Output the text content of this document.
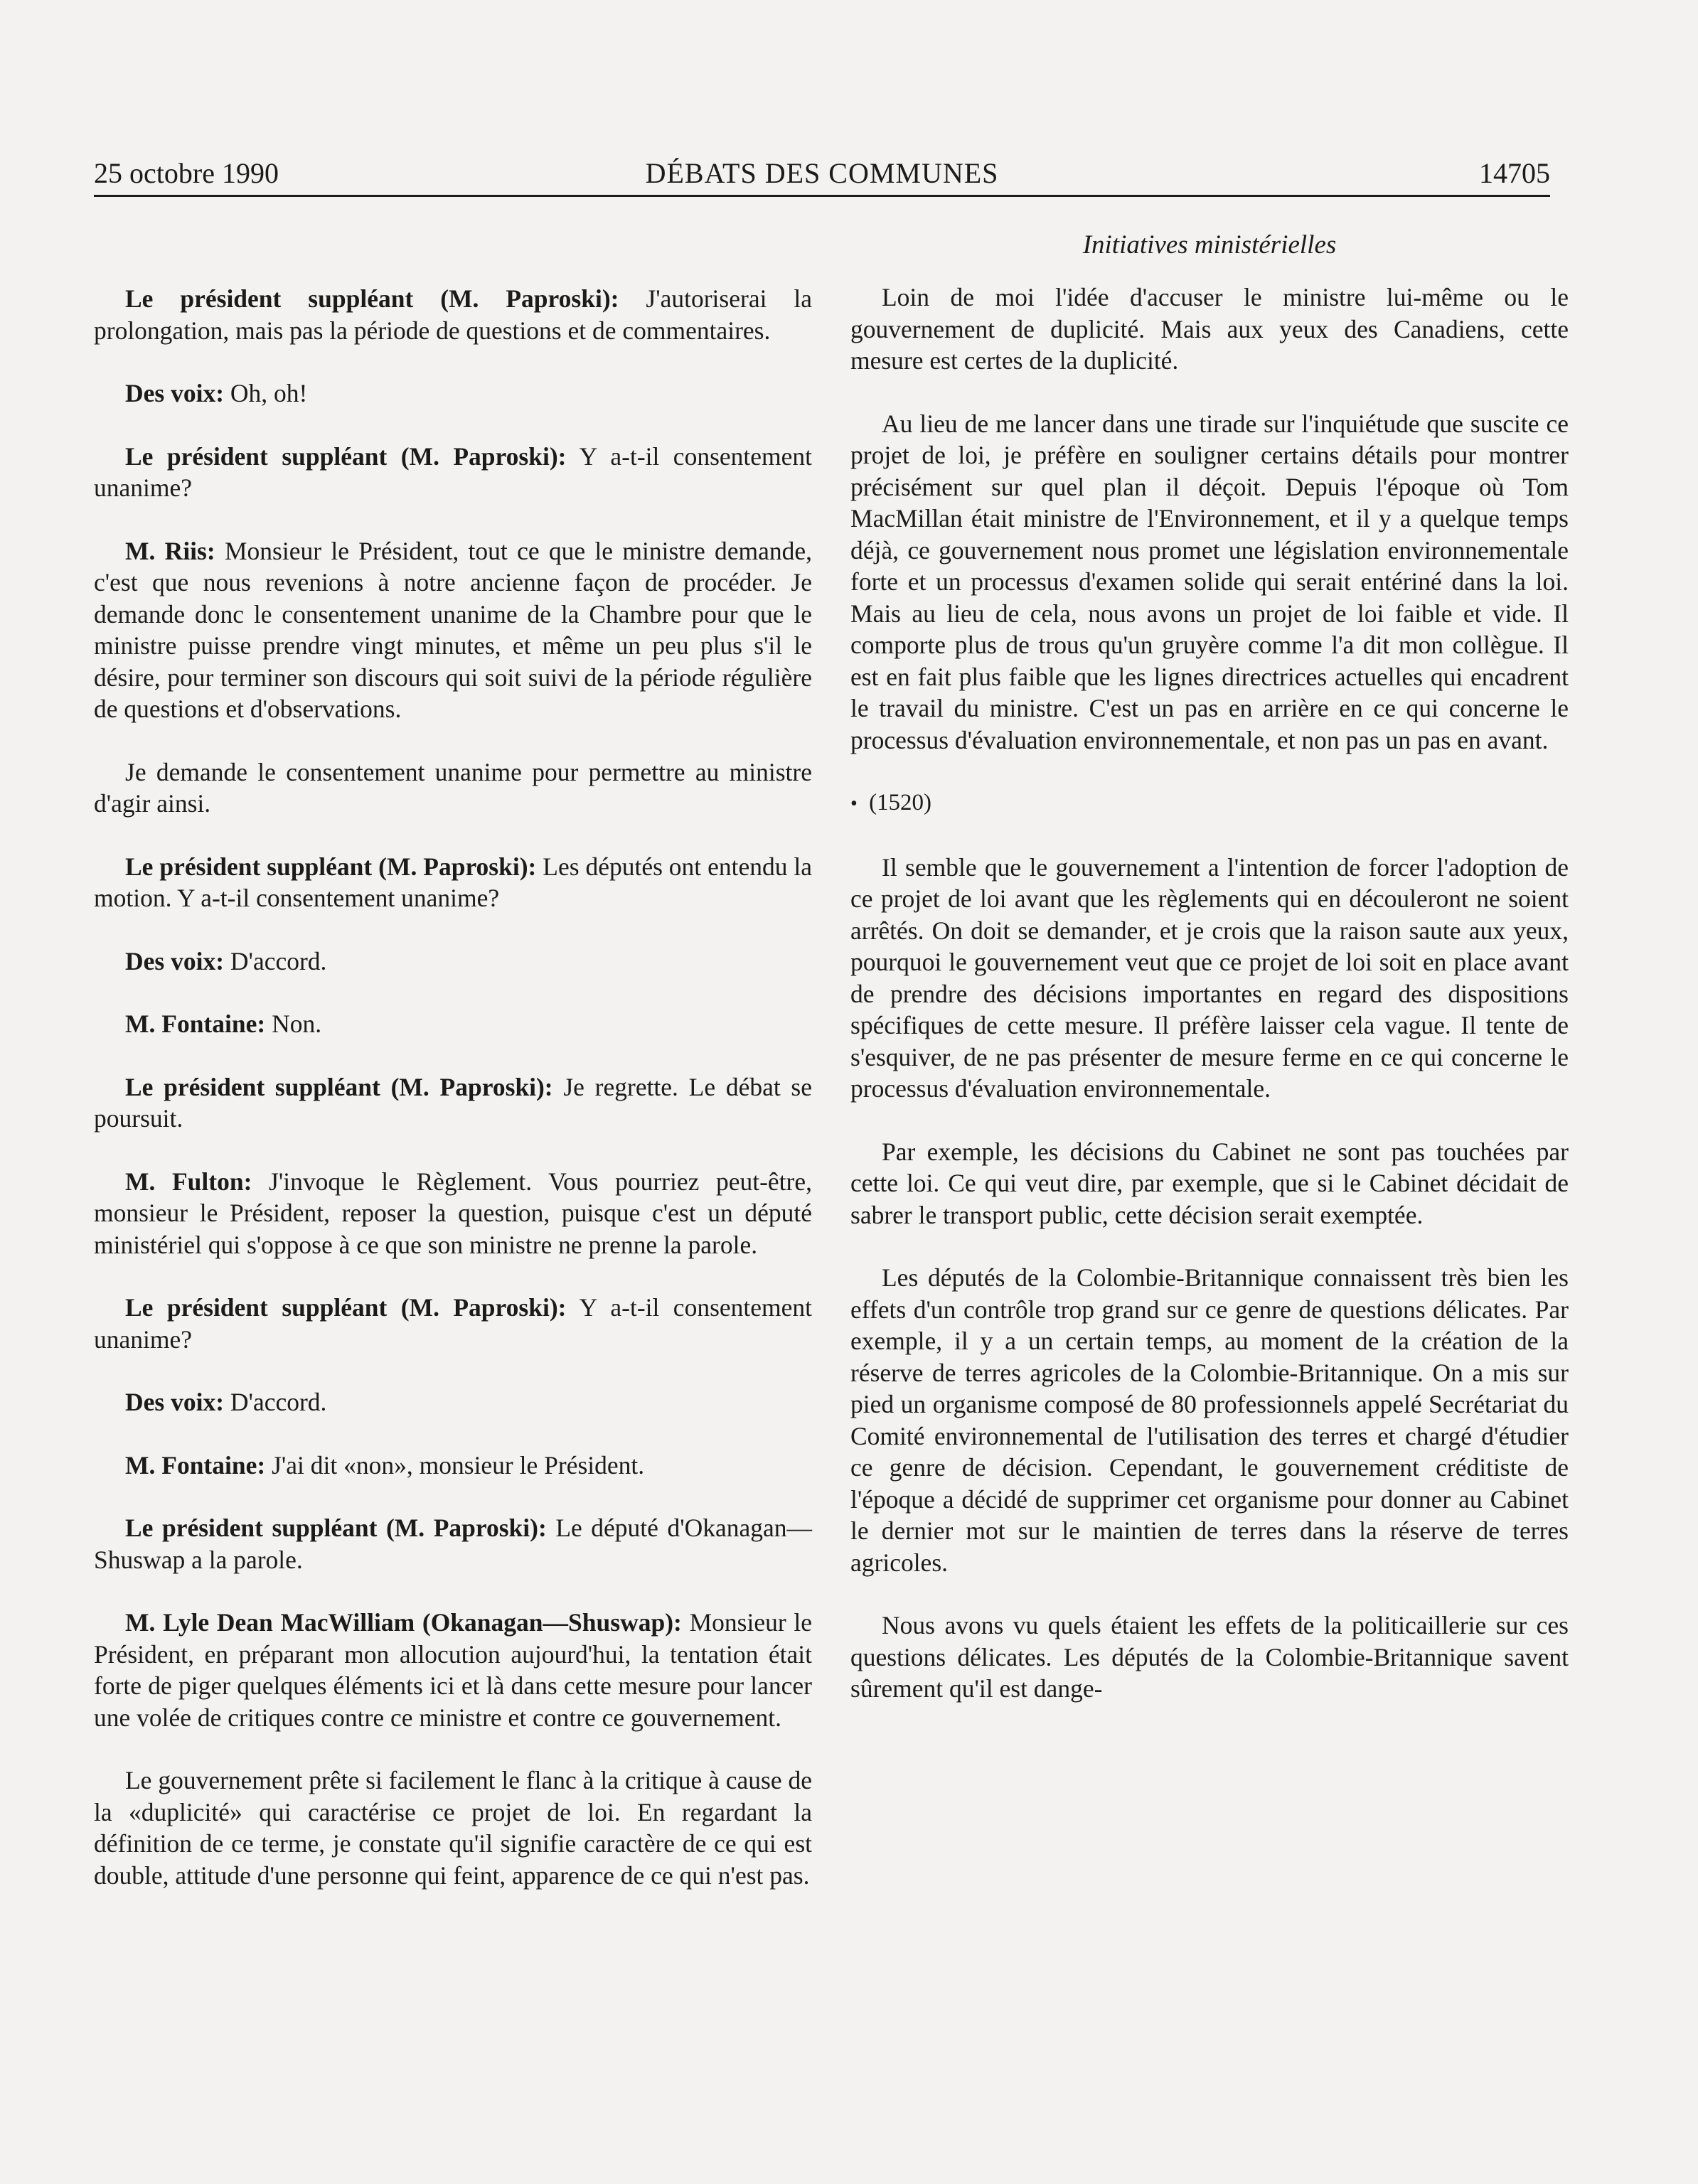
25 octobre 1990	DÉBATS DES COMMUNES	14705
Initiatives ministérielles

Le président suppléant (M. Paproski): J'autoriserai la prolongation, mais pas la période de questions et de commentaires.

Des voix: Oh, oh!

Le président suppléant (M. Paproski): Y a-t-il consentement unanime?

M. Riis: Monsieur le Président, tout ce que le ministre demande, c'est que nous revenions à notre ancienne façon de procéder. Je demande donc le consentement unanime de la Chambre pour que le ministre puisse prendre vingt minutes, et même un peu plus s'il le désire, pour terminer son discours qui soit suivi de la période régulière de questions et d'observations.

Je demande le consentement unanime pour permettre au ministre d'agir ainsi.

Le président suppléant (M. Paproski): Les députés ont entendu la motion. Y a-t-il consentement unanime?

Des voix: D'accord.

M. Fontaine: Non.

Le président suppléant (M. Paproski): Je regrette. Le débat se poursuit.

M. Fulton: J'invoque le Règlement. Vous pourriez peut-être, monsieur le Président, reposer la question, puisque c'est un député ministériel qui s'oppose à ce que son ministre ne prenne la parole.

Le président suppléant (M. Paproski): Y a-t-il consentement unanime?

Des voix: D'accord.

M. Fontaine: J'ai dit «non», monsieur le Président.

Le président suppléant (M. Paproski): Le député d'Okanagan—Shuswap a la parole.

M. Lyle Dean MacWilliam (Okanagan—Shuswap): Monsieur le Président, en préparant mon allocution aujourd'hui, la tentation était forte de piger quelques éléments ici et là dans cette mesure pour lancer une volée de critiques contre ce ministre et contre ce gouvernement.

Le gouvernement prête si facilement le flanc à la critique à cause de la «duplicité» qui caractérise ce projet de loi. En regardant la définition de ce terme, je constate qu'il signifie caractère de ce qui est double, attitude d'une personne qui feint, apparence de ce qui n'est pas.

Loin de moi l'idée d'accuser le ministre lui-même ou le gouvernement de duplicité. Mais aux yeux des Canadiens, cette mesure est certes de la duplicité.

Au lieu de me lancer dans une tirade sur l'inquiétude que suscite ce projet de loi, je préfère en souligner certains détails pour montrer précisément sur quel plan il déçoit. Depuis l'époque où Tom MacMillan était ministre de l'Environnement, et il y a quelque temps déjà, ce gouvernement nous promet une législation environnementale forte et un processus d'examen solide qui serait entériné dans la loi. Mais au lieu de cela, nous avons un projet de loi faible et vide. Il comporte plus de trous qu'un gruyère comme l'a dit mon collègue. Il est en fait plus faible que les lignes directrices actuelles qui encadrent le travail du ministre. C'est un pas en arrière en ce qui concerne le processus d'évaluation environnementale, et non pas un pas en avant.

• (1520)

Il semble que le gouvernement a l'intention de forcer l'adoption de ce projet de loi avant que les règlements qui en découleront ne soient arrêtés. On doit se demander, et je crois que la raison saute aux yeux, pourquoi le gouvernement veut que ce projet de loi soit en place avant de prendre des décisions importantes en regard des dispositions spécifiques de cette mesure. Il préfère laisser cela vague. Il tente de s'esquiver, de ne pas présenter de mesure ferme en ce qui concerne le processus d'évaluation environnementale.

Par exemple, les décisions du Cabinet ne sont pas touchées par cette loi. Ce qui veut dire, par exemple, que si le Cabinet décidait de sabrer le transport public, cette décision serait exemptée.

Les députés de la Colombie-Britannique connaissent très bien les effets d'un contrôle trop grand sur ce genre de questions délicates. Par exemple, il y a un certain temps, au moment de la création de la réserve de terres agricoles de la Colombie-Britannique. On a mis sur pied un organisme composé de 80 professionnels appelé Secrétariat du Comité environnemental de l'utilisation des terres et chargé d'étudier ce genre de décision. Cependant, le gouvernement créditiste de l'époque a décidé de supprimer cet organisme pour donner au Cabinet le dernier mot sur le maintien de terres dans la réserve de terres agricoles.

Nous avons vu quels étaient les effets de la politicaillerie sur ces questions délicates. Les députés de la Colombie-Britannique savent sûrement qu'il est dange-
